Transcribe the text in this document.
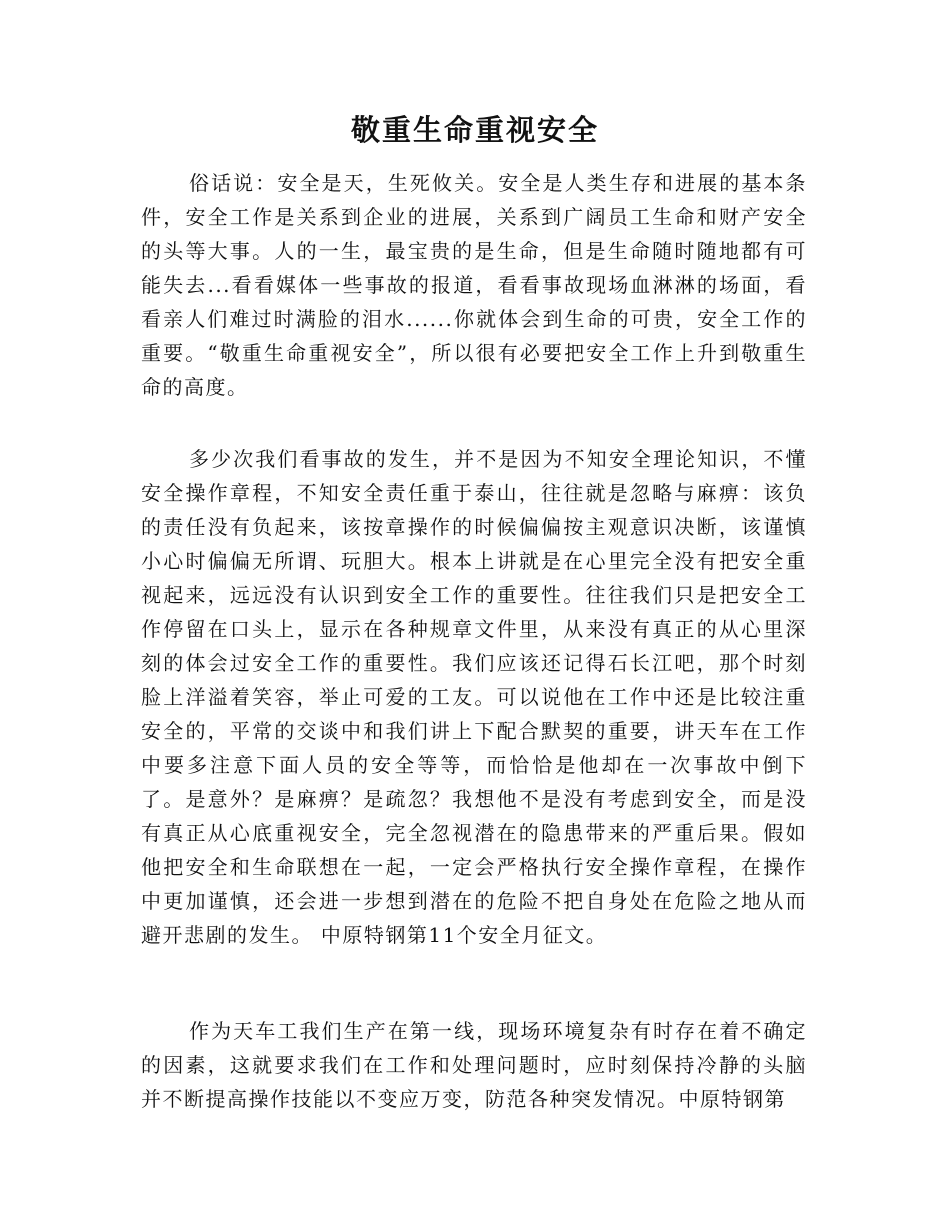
敬重生命重视安全

俗话说：安全是天，生死攸关。安全是人类生存和进展的基本条件，安全工作是关系到企业的进展，关系到广阔员工生命和财产安全的头等大事。人的一生，最宝贵的是生命，但是生命随时随地都有可能失去...看看媒体一些事故的报道，看看事故现场血淋淋的场面，看看亲人们难过时满脸的泪水......你就体会到生命的可贵，安全工作的重要。“敬重生命重视安全”，所以很有必要把安全工作上升到敬重生命的高度。

多少次我们看事故的发生，并不是因为不知安全理论知识，不懂安全操作章程，不知安全责任重于泰山，往往就是忽略与麻痹：该负的责任没有负起来，该按章操作的时候偏偏按主观意识决断，该谨慎小心时偏偏无所谓、玩胆大。根本上讲就是在心里完全没有把安全重视起来，远远没有认识到安全工作的重要性。往往我们只是把安全工作停留在口头上，显示在各种规章文件里，从来没有真正的从心里深刻的体会过安全工作的重要性。我们应该还记得石长江吧，那个时刻脸上洋溢着笑容，举止可爱的工友。可以说他在工作中还是比较注重安全的，平常的交谈中和我们讲上下配合默契的重要，讲天车在工作中要多注意下面人员的安全等等，而恰恰是他却在一次事故中倒下了。是意外？是麻痹？是疏忽？我想他不是没有考虑到安全，而是没有真正从心底重视安全，完全忽视潜在的隐患带来的严重后果。假如他把安全和生命联想在一起，一定会严格执行安全操作章程，在操作中更加谨慎，还会进一步想到潜在的危险不把自身处在危险之地从而避开悲剧的发生。 中原特钢第11个安全月征文。

作为天车工我们生产在第一线，现场环境复杂有时存在着不确定的因素，这就要求我们在工作和处理问题时，应时刻保持冷静的头脑并不断提高操作技能以不变应万变，防范各种突发情况。中原特钢第
